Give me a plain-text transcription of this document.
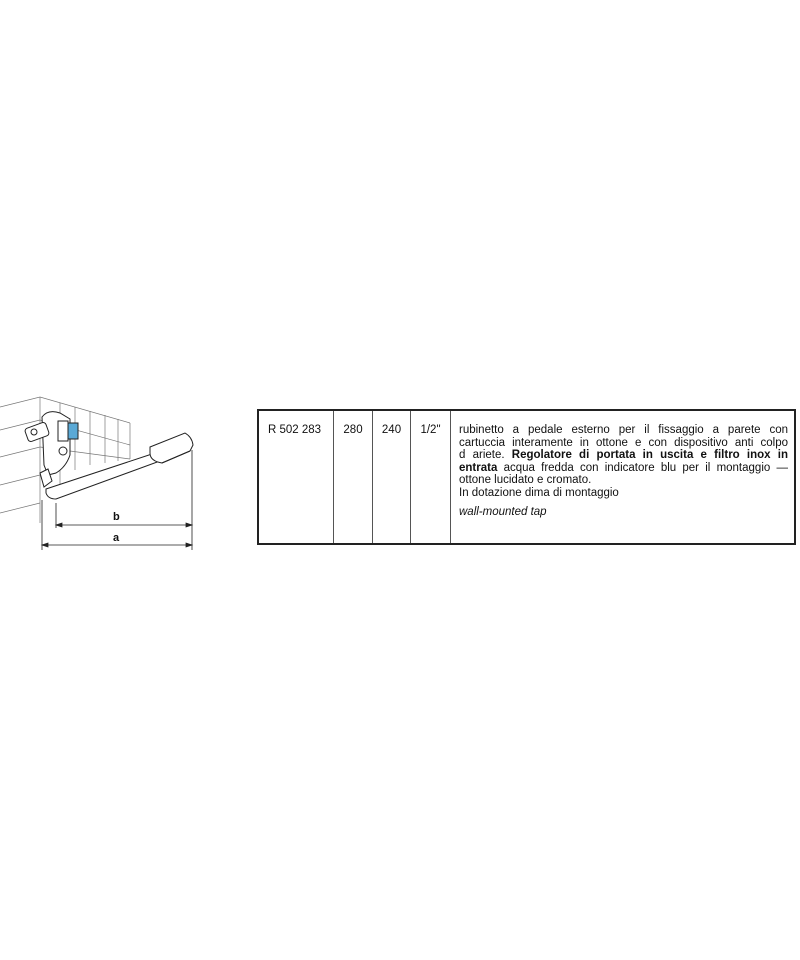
b
a
R 502 283	280	240	1/2"	rubinetto a pedale esterno per il fissaggio a parete con
cartuccia interamente in ottone e con dispositivo anti colpo
d ariete. Regolatore di portata in uscita e filtro inox in
entrata acqua fredda con indicatore blu per il montaggio —
ottone lucidato e cromato.
In dotazione dima di montaggio
wall-mounted tap
